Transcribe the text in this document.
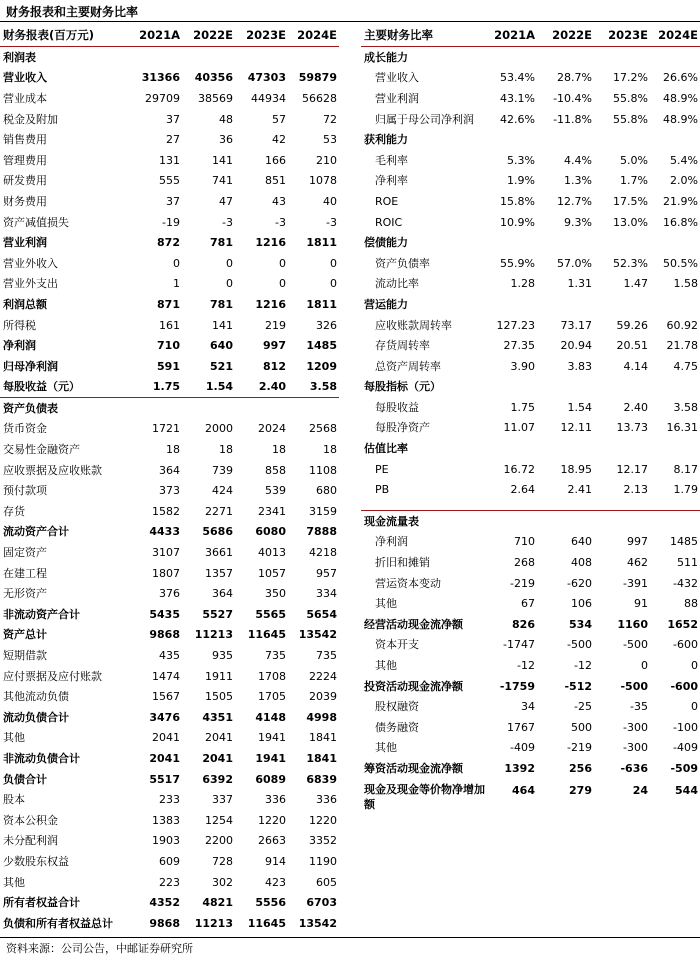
财务报表和主要财务比率
财务报表(百万元)	2021A	2022E	2023E	2024E
利润表				
营业收入	31366	40356	47303	59879
营业成本	29709	38569	44934	56628
税金及附加	37	48	57	72
销售费用	27	36	42	53
管理费用	131	141	166	210
研发费用	555	741	851	1078
财务费用	37	47	43	40
资产减值损失	-19	-3	-3	-3
营业利润	872	781	1216	1811
营业外收入	0	0	0	0
营业外支出	1	0	0	0
利润总额	871	781	1216	1811
所得税	161	141	219	326
净利润	710	640	997	1485
归母净利润	591	521	812	1209
每股收益（元）	1.75	1.54	2.40	3.58
资产负债表				
货币资金	1721	2000	2024	2568
交易性金融资产	18	18	18	18
应收票据及应收账款	364	739	858	1108
预付款项	373	424	539	680
存货	1582	2271	2341	3159
流动资产合计	4433	5686	6080	7888
固定资产	3107	3661	4013	4218
在建工程	1807	1357	1057	957
无形资产	376	364	350	334
非流动资产合计	5435	5527	5565	5654
资产总计	9868	11213	11645	13542
短期借款	435	935	735	735
应付票据及应付账款	1474	1911	1708	2224
其他流动负债	1567	1505	1705	2039
流动负债合计	3476	4351	4148	4998
其他	2041	2041	1941	1841
非流动负债合计	2041	2041	1941	1841
负债合计	5517	6392	6089	6839
股本	233	337	336	336
资本公积金	1383	1254	1220	1220
未分配利润	1903	2200	2663	3352
少数股东权益	609	728	914	1190
其他	223	302	423	605
所有者权益合计	4352	4821	5556	6703
负债和所有者权益总计	9868	11213	11645	13542
主要财务比率	2021A	2022E	2023E	2024E
成长能力				
营业收入	53.4%	28.7%	17.2%	26.6%
营业利润	43.1%	-10.4%	55.8%	48.9%
归属于母公司净利润	42.6%	-11.8%	55.8%	48.9%
获利能力				
毛利率	5.3%	4.4%	5.0%	5.4%
净利率	1.9%	1.3%	1.7%	2.0%
ROE	15.8%	12.7%	17.5%	21.9%
ROIC	10.9%	9.3%	13.0%	16.8%
偿债能力				
资产负债率	55.9%	57.0%	52.3%	50.5%
流动比率	1.28	1.31	1.47	1.58
营运能力				
应收账款周转率	127.23	73.17	59.26	60.92
存货周转率	27.35	20.94	20.51	21.78
总资产周转率	3.90	3.83	4.14	4.75
每股指标（元）				
每股收益	1.75	1.54	2.40	3.58
每股净资产	11.07	12.11	13.73	16.31
估值比率				
PE	16.72	18.95	12.17	8.17
PB	2.64	2.41	2.13	1.79

现金流量表				
净利润	710	640	997	1485
折旧和摊销	268	408	462	511
营运资本变动	-219	-620	-391	-432
其他	67	106	91	88
经营活动现金流净额	826	534	1160	1652
资本开支	-1747	-500	-500	-600
其他	-12	-12	0	0
投资活动现金流净额	-1759	-512	-500	-600
股权融资	34	-25	-35	0
债务融资	1767	500	-300	-100
其他	-409	-219	-300	-409
筹资活动现金流净额	1392	256	-636	-509
现金及现金等价物净增加额	464	279	24	544
资料来源：公司公告，中邮证券研究所
